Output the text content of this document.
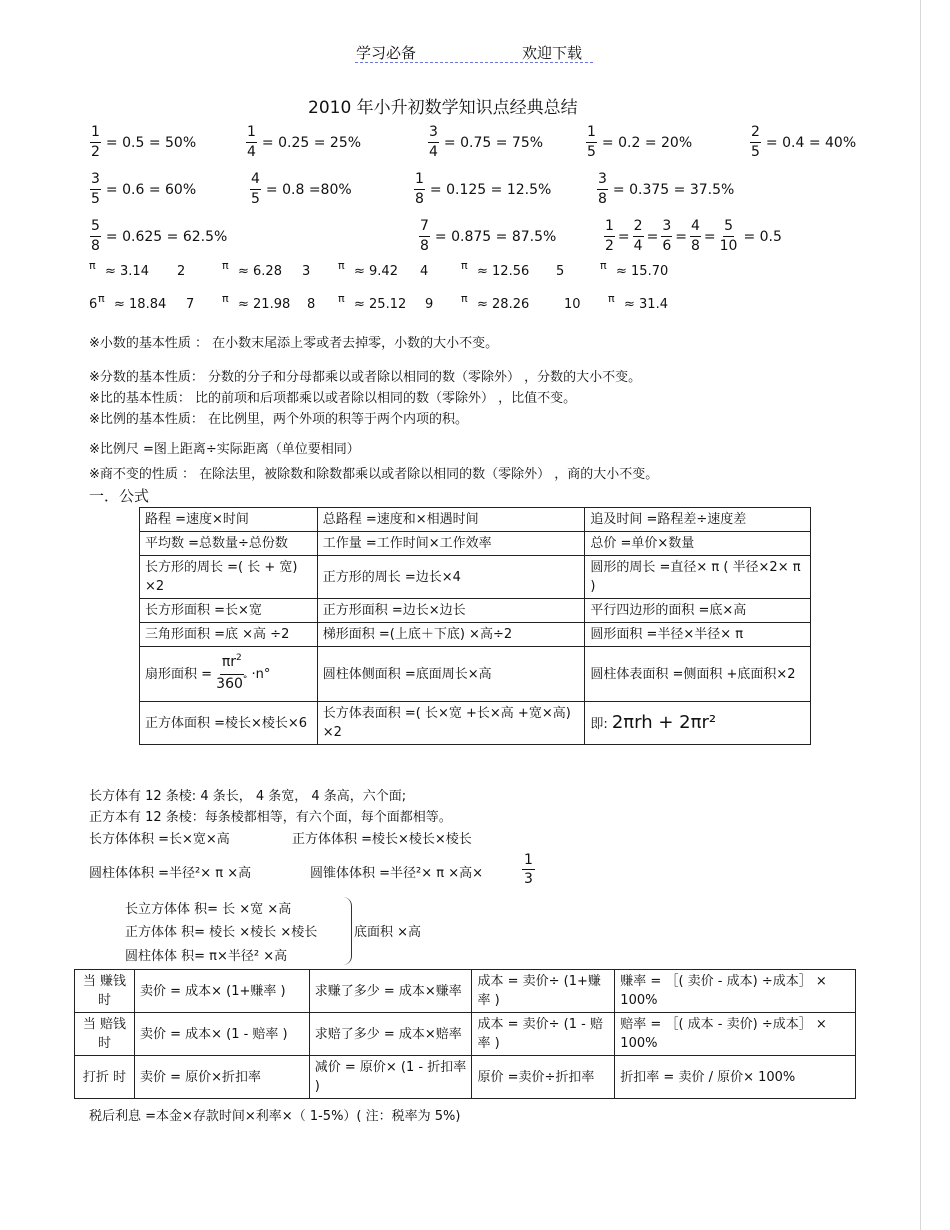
学习必备	欢迎下载
2010 年小升初数学知识点经典总结
$\frac{1}{2} = 0.5 = 50\%$	$\frac{1}{4} = 0.25 = 25\%$	$\frac{3}{4} = 0.75 = 75\%$	$\frac{1}{5} = 0.2 = 20\%$	$\frac{2}{5} = 0.4 = 40\%$
$\frac{3}{5} = 0.6 = 60\%$	$\frac{4}{5} = 0.8 =80\%$	$\frac{1}{8} = 0.125 = 12.5\%$	$\frac{3}{8} = 0.375 = 37.5\%$
$\frac{5}{8} = 0.625 = 62.5\%$	$\frac{7}{8} = 0.875 = 87.5\%$	$\frac{1}{2} = \frac{2}{4} = \frac{3}{6} = \frac{4}{8} = \frac{5}{10} = 0.5$
π ≈ 3.14 2	π ≈ 6.28 3	π ≈ 9.42 4	π ≈ 12.56 5	π ≈ 15.70
6 π ≈ 18.84 7	π ≈ 21.98 8 π ≈ 25.12 9	π ≈ 28.26	10 π ≈ 31.4
※小数的基本性质 ： 在小数末尾添上零或者去掉零，小数的大小不变。
※分数的基本性质： 分数的分子和分母都乘以或者除以相同的数（零除外） ，分数的大小不变。
※比的基本性质： 比的前项和后项都乘以或者除以相同的数（零除外） ，比值不变。
※比例的基本性质： 在比例里，两个外项的积等于两个内项的积。
※比例尺 =图上距离÷实际距离（单位要相同）
※商不变的性质 ： 在除法里，被除数和除数都乘以或者除以相同的数（零除外） ，商的大小不变。
一．公式
路程 =速度×时间	总路程 =速度和×相遇时间	追及时间 =路程差÷速度差
平均数 =总数量÷总份数	工作量 =工作时间×工作效率	总价 =单价×数量
长方形的周长 =( 长 + 宽) ×2	正方形的周长 =边长×4	圆形的周长 =直径× π ( 半径×2× π )
长方形面积 =长×宽	正方形面积 =边长×边长	平行四边形的面积 =底×高
三角形面积 =底 ×高 ÷2	梯形面积 =(上底＋下底) ×高÷2	圆形面积 =半径×半径× π
扇形面积 = $\frac{\pi r^2}{360^\circ} \cdot n^\circ$	圆柱体侧面积 =底面周长×高	圆柱体表面积 =侧面积 +底面积×2
正方体面积 =棱长×棱长×6	长方体表面积 =( 长×宽 +长×高 +宽×高) ×2	即: 2πrh + 2πr²
长方体有 12 条棱: 4 条长， 4 条宽， 4 条高，六个面;
正方本有 12 条棱：每条棱都相等，有六个面，每个面都相等。
长方体体积 =长×宽×高	正方体体积 =棱长×棱长×棱长
圆柱体体积 =半径²× π ×高	圆锥体体积 =半径²× π ×高×	$\frac{1}{3}$
长立方体体 积= 长 ×宽 ×高
正方体体 积= 棱长 ×棱长 ×棱长
圆柱体体 积= π×半径² ×高
底面积 ×高
当 赚钱时	卖价 = 成本× (1+赚率 )	求赚了多少 = 成本×赚率	成本 = 卖价÷ (1+赚率 )	赚率 = ［( 卖价 - 成本) ÷成本］ × 100%
当 赔钱时	卖价 = 成本× (1 - 赔率 )	求赔了多少 = 成本×赔率	成本 = 卖价÷ (1 - 赔率 )	赔率 = ［( 成本 - 卖价) ÷成本］ × 100%
打折 时	卖价 = 原价×折扣率	减价 = 原价× (1 - 折扣率 )	原价 =卖价÷折扣率	折扣率 = 卖价 / 原价× 100%
税后利息 =本金×存款时间×利率×（ 1-5%）( 注：税率为 5%)
